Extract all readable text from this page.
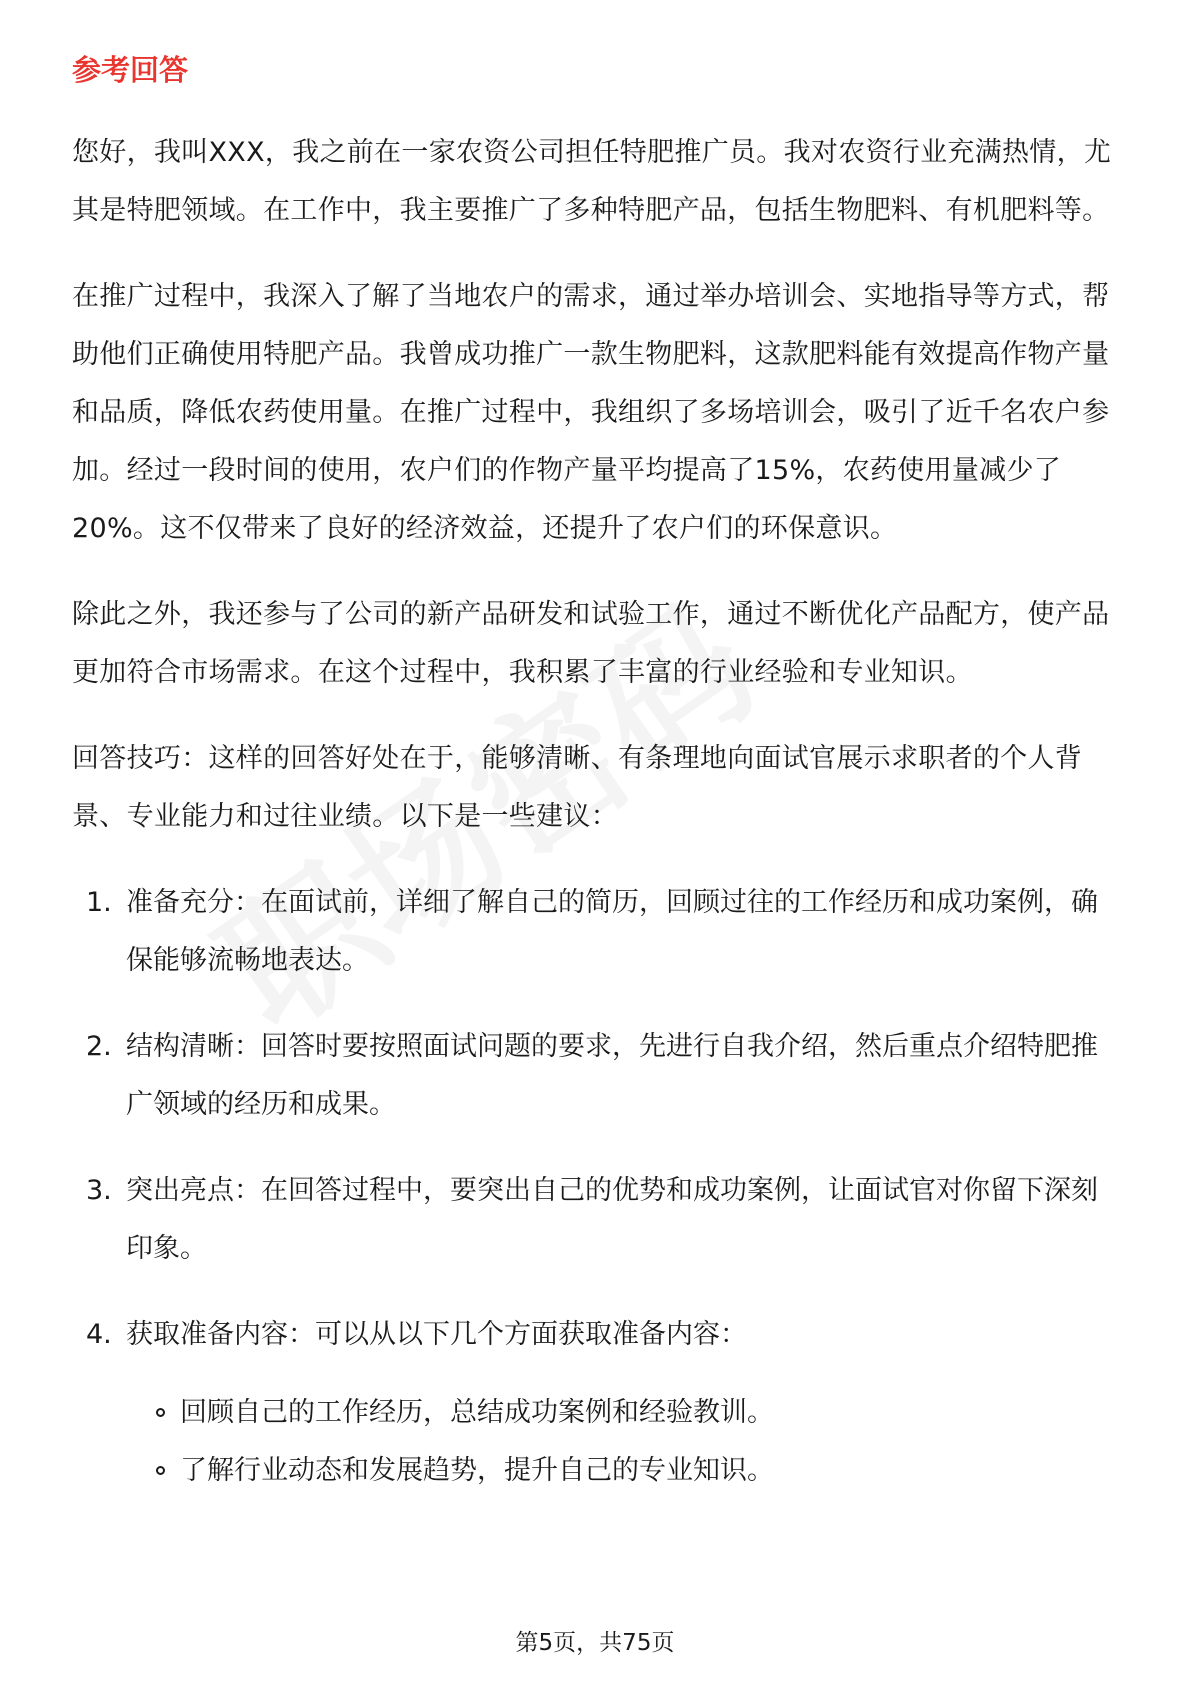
参考回答

您好，我叫XXX，我之前在一家农资公司担任特肥推广员。我对农资行业充满热情，尤其是特肥领域。在工作中，我主要推广了多种特肥产品，包括生物肥料、有机肥料等。

在推广过程中，我深入了解了当地农户的需求，通过举办培训会、实地指导等方式，帮助他们正确使用特肥产品。我曾成功推广一款生物肥料，这款肥料能有效提高作物产量和品质，降低农药使用量。在推广过程中，我组织了多场培训会，吸引了近千名农户参加。经过一段时间的使用，农户们的作物产量平均提高了15%，农药使用量减少了20%。这不仅带来了良好的经济效益，还提升了农户们的环保意识。

除此之外，我还参与了公司的新产品研发和试验工作，通过不断优化产品配方，使产品更加符合市场需求。在这个过程中，我积累了丰富的行业经验和专业知识。

回答技巧：这样的回答好处在于，能够清晰、有条理地向面试官展示求职者的个人背景、专业能力和过往业绩。以下是一些建议：

1. 准备充分：在面试前，详细了解自己的简历，回顾过往的工作经历和成功案例，确保能够流畅地表达。
2. 结构清晰：回答时要按照面试问题的要求，先进行自我介绍，然后重点介绍特肥推广领域的经历和成果。
3. 突出亮点：在回答过程中，要突出自己的优势和成功案例，让面试官对你留下深刻印象。
4. 获取准备内容：可以从以下几个方面获取准备内容：
回顾自己的工作经历，总结成功案例和经验教训。
了解行业动态和发展趋势，提升自己的专业知识。
第5页，共75页
